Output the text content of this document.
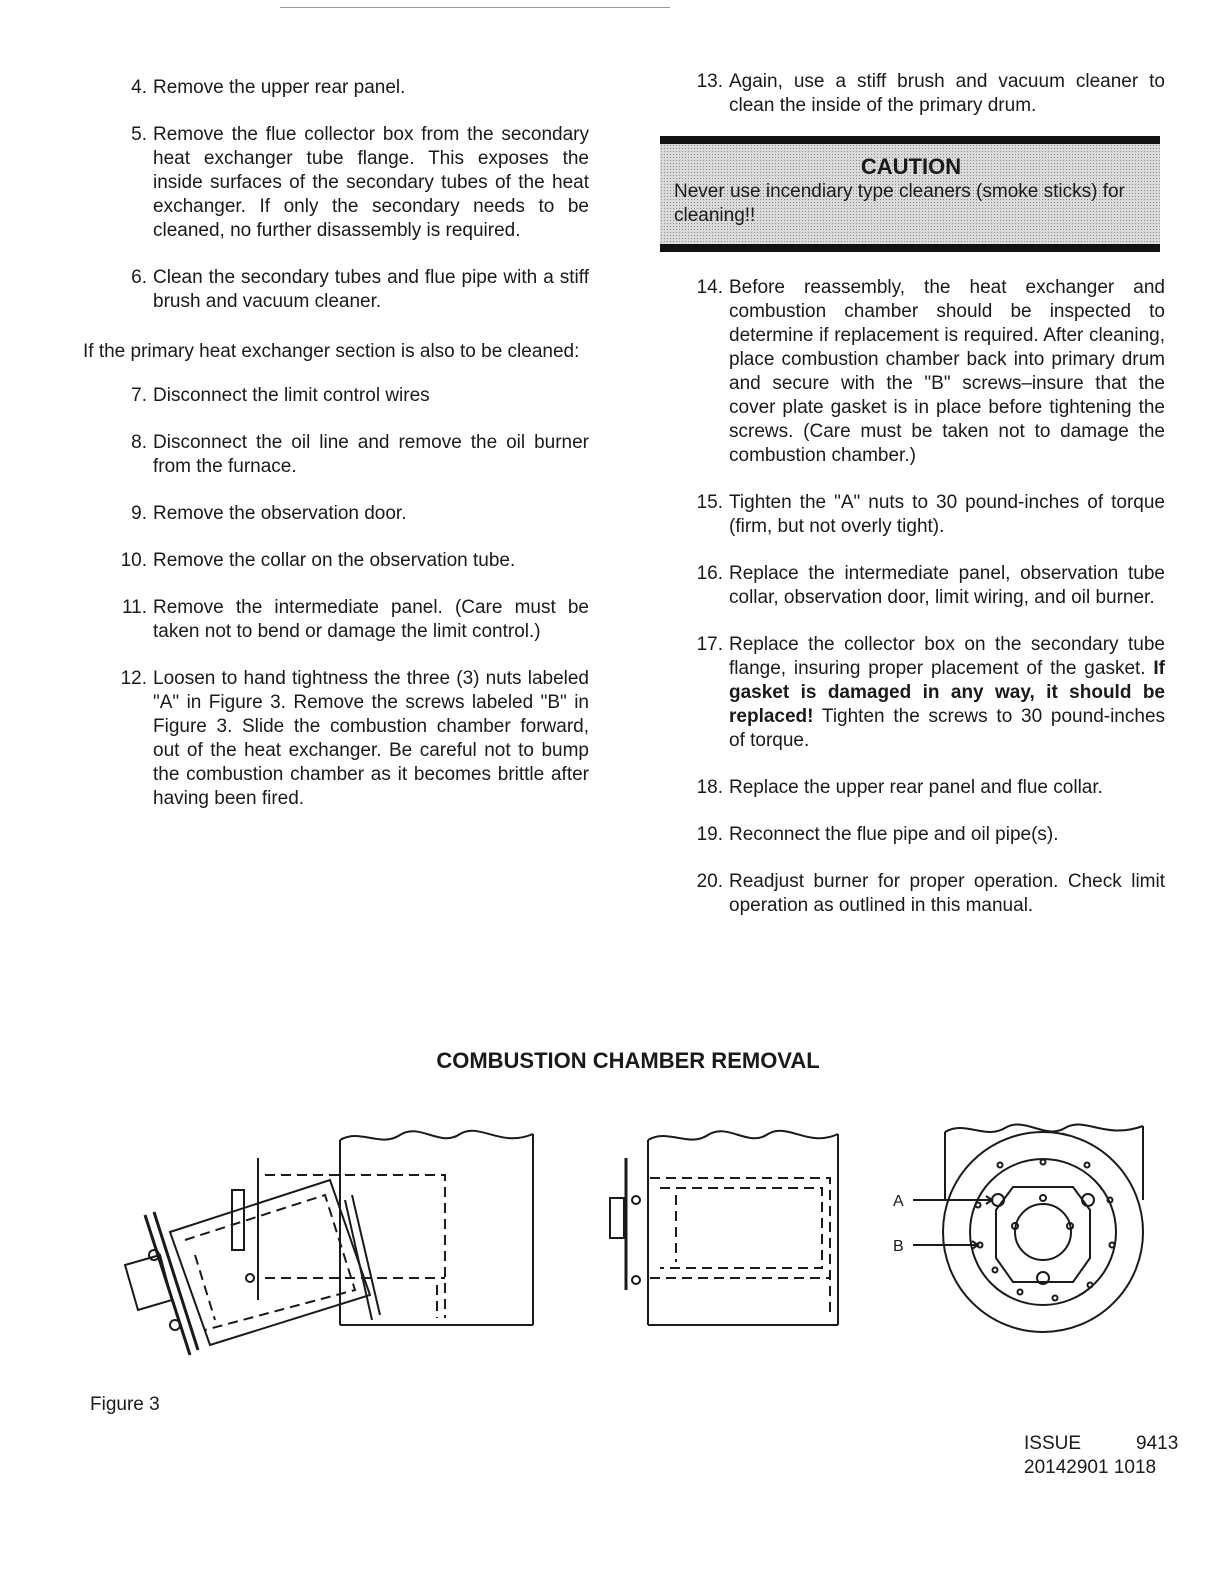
4. Remove the upper rear panel.
5. Remove the flue collector box from the secondary heat exchanger tube flange. This exposes the inside surfaces of the secondary tubes of the heat exchanger. If only the secondary needs to be cleaned, no further disassembly is required.
6. Clean the secondary tubes and flue pipe with a stiff brush and vacuum cleaner.

If the primary heat exchanger section is also to be cleaned:

7. Disconnect the limit control wires
8. Disconnect the oil line and remove the oil burner from the furnace.
9. Remove the observation door.
10. Remove the collar on the observation tube.
11. Remove the intermediate panel. (Care must be taken not to bend or damage the limit control.)
12. Loosen to hand tightness the three (3) nuts labeled "A" in Figure 3. Remove the screws labeled "B" in Figure 3. Slide the combustion chamber forward, out of the heat exchanger. Be careful not to bump the combustion chamber as it becomes brittle after having been fired.
13. Again, use a stiff brush and vacuum cleaner to clean the inside of the primary drum.
CAUTION
Never use incendiary type cleaners (smoke sticks) for cleaning!!
14. Before reassembly, the heat exchanger and combustion chamber should be inspected to determine if replacement is required. After cleaning, place combustion chamber back into primary drum and secure with the "B" screws–insure that the cover plate gasket is in place before tightening the screws. (Care must be taken not to damage the combustion chamber.)
15. Tighten the "A" nuts to 30 pound-inches of torque (firm, but not overly tight).
16. Replace the intermediate panel, observation tube collar, observation door, limit wiring, and oil burner.
17. Replace the collector box on the secondary tube flange, insuring proper placement of the gasket. If gasket is damaged in any way, it should be replaced! Tighten the screws to 30 pound-inches of torque.
18. Replace the upper rear panel and flue collar.
19. Reconnect the flue pipe and oil pipe(s).
20. Readjust burner for proper operation. Check limit operation as outlined in this manual.
COMBUSTION CHAMBER REMOVAL
A
B
Figure 3
ISSUE	9413
20142901 1018
